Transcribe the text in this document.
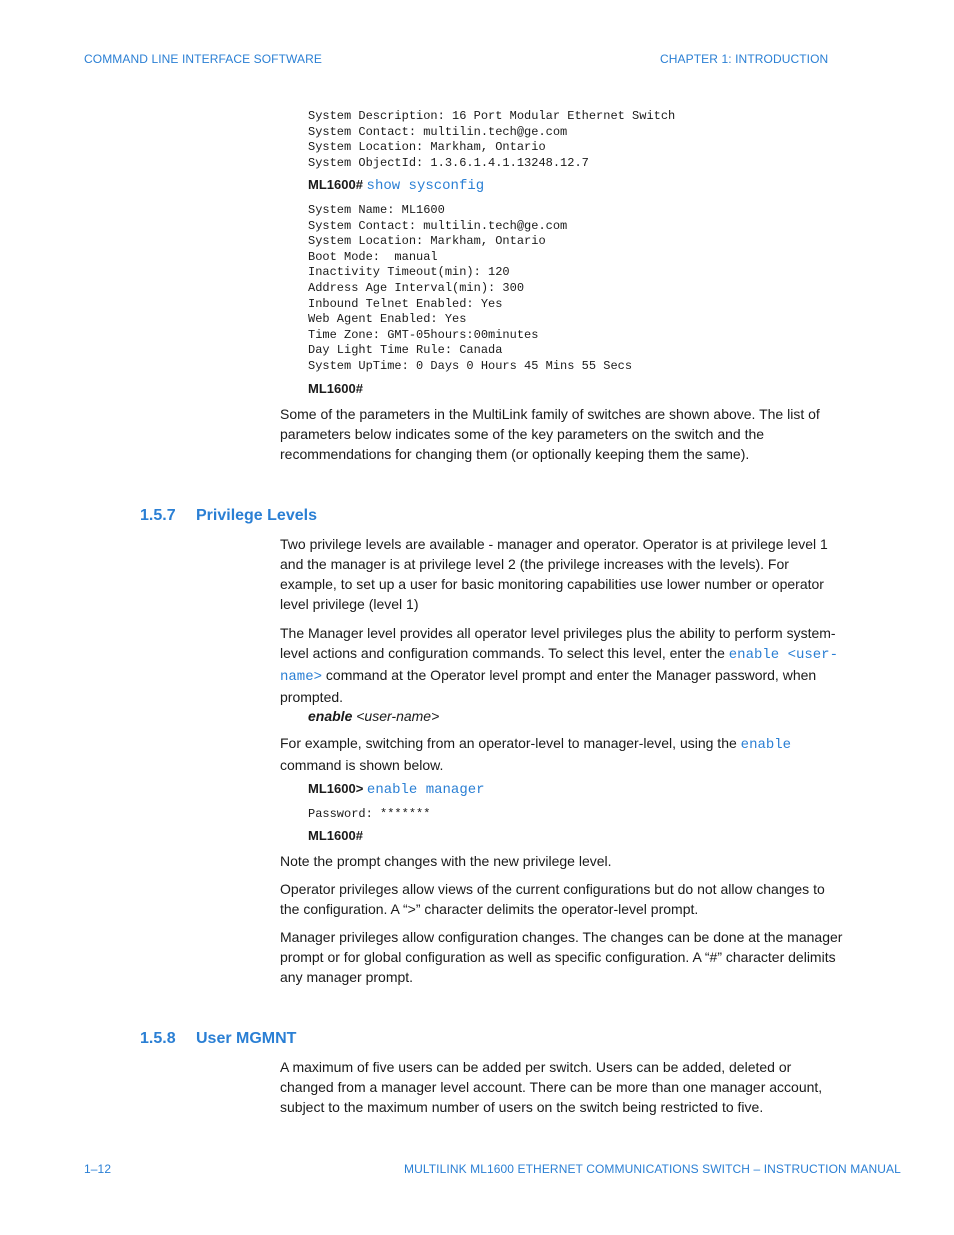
COMMAND LINE INTERFACE SOFTWARE	CHAPTER 1: INTRODUCTION
System Description: 16 Port Modular Ethernet Switch
System Contact: multilin.tech@ge.com
System Location: Markham, Ontario
System ObjectId: 1.3.6.1.4.1.13248.12.7
ML1600# show sysconfig
System Name: ML1600
System Contact: multilin.tech@ge.com
System Location: Markham, Ontario
Boot Mode:  manual
Inactivity Timeout(min): 120
Address Age Interval(min): 300
Inbound Telnet Enabled: Yes
Web Agent Enabled: Yes
Time Zone: GMT-05hours:00minutes
Day Light Time Rule: Canada
System UpTime: 0 Days 0 Hours 45 Mins 55 Secs
ML1600#

Some of the parameters in the MultiLink family of switches are shown above. The list of parameters below indicates some of the key parameters on the switch and the recommendations for changing them (or optionally keeping them the same).

1.5.7 Privilege Levels

Two privilege levels are available - manager and operator. Operator is at privilege level 1 and the manager is at privilege level 2 (the privilege increases with the levels). For example, to set up a user for basic monitoring capabilities use lower number or operator level privilege (level 1)

The Manager level provides all operator level privileges plus the ability to perform system-level actions and configuration commands. To select this level, enter the enable <user-name> command at the Operator level prompt and enter the Manager password, when prompted.

enable <user-name>

For example, switching from an operator-level to manager-level, using the enable command is shown below.

ML1600> enable manager
Password: *******
ML1600#

Note the prompt changes with the new privilege level.

Operator privileges allow views of the current configurations but do not allow changes to the configuration. A “>” character delimits the operator-level prompt.

Manager privileges allow configuration changes. The changes can be done at the manager prompt or for global configuration as well as specific configuration. A “#” character delimits any manager prompt.

1.5.8 User MGMNT

A maximum of five users can be added per switch. Users can be added, deleted or changed from a manager level account. There can be more than one manager account, subject to the maximum number of users on the switch being restricted to five.

1–12	MULTILINK ML1600 ETHERNET COMMUNICATIONS SWITCH – INSTRUCTION MANUAL
